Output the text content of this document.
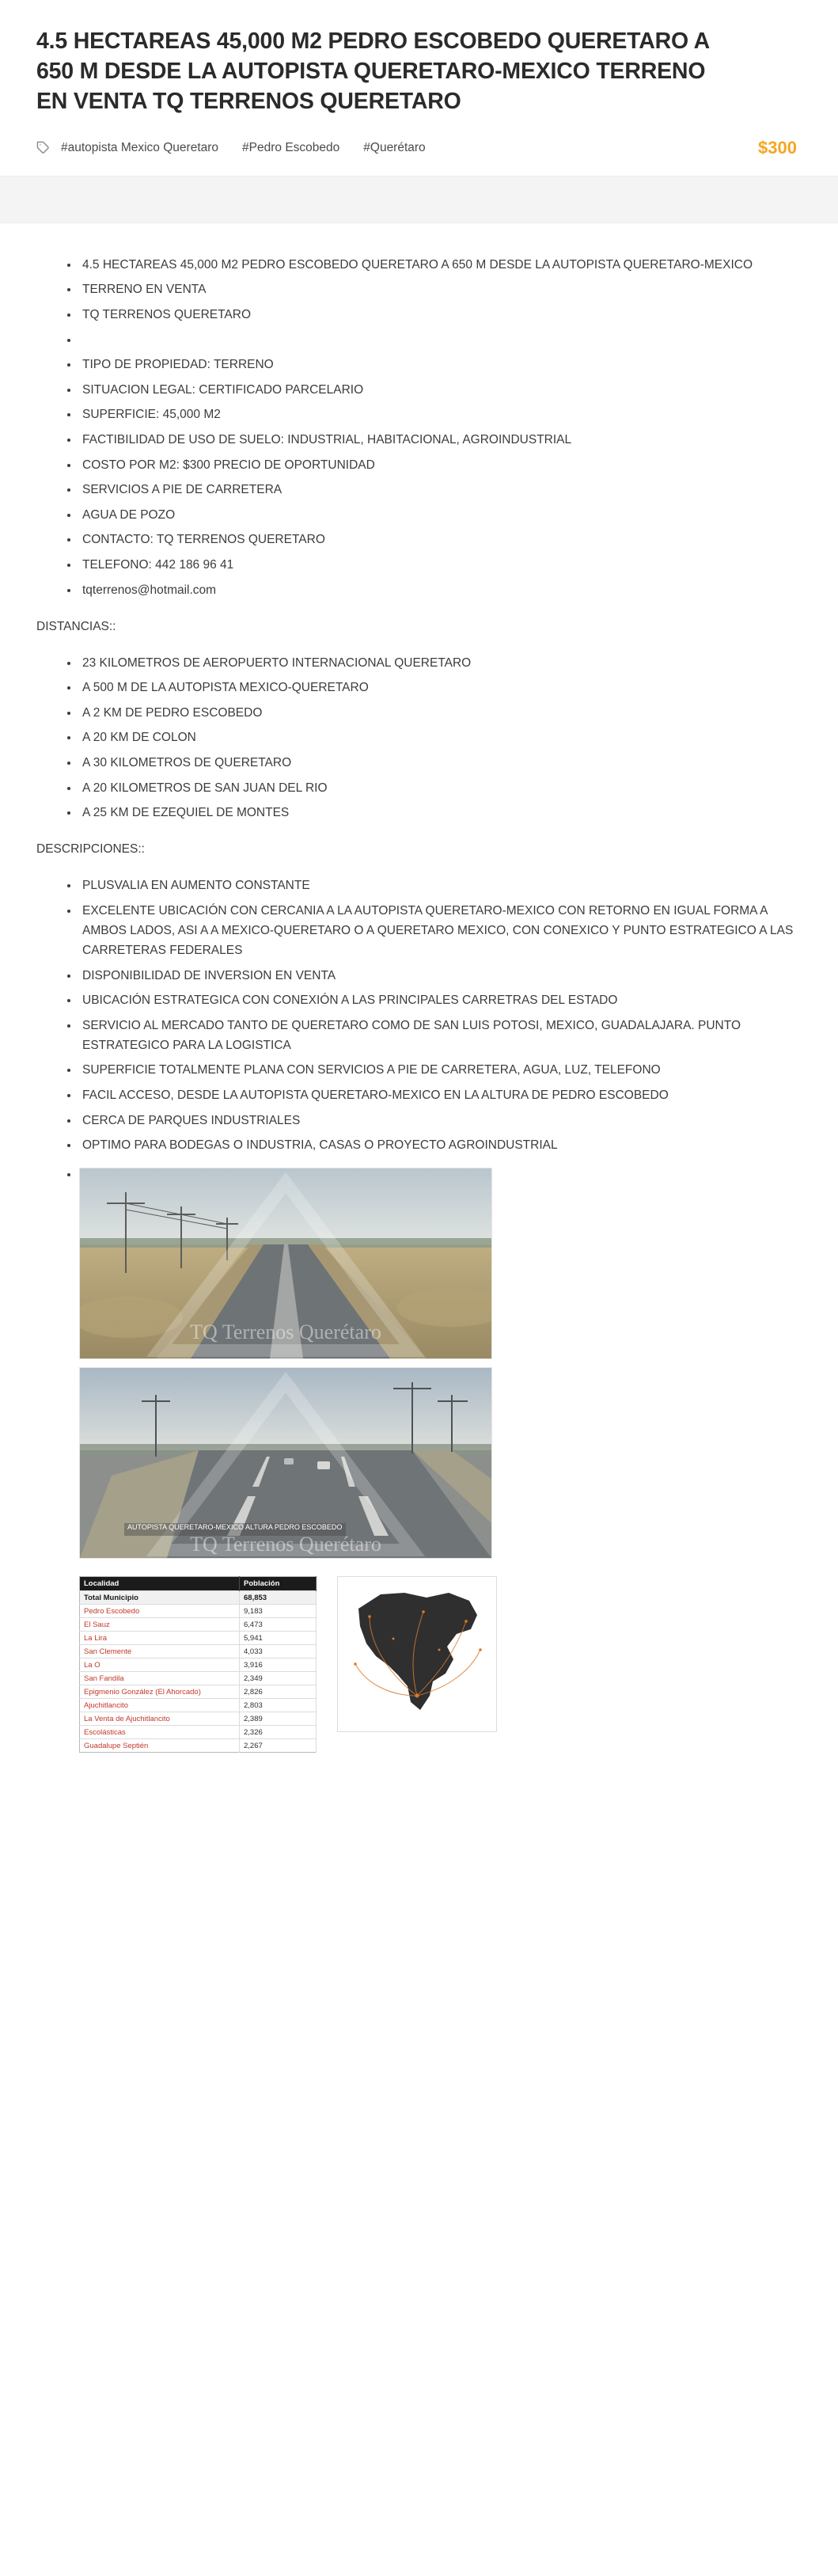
4.5 HECTAREAS 45,000 M2 PEDRO ESCOBEDO QUERETARO A 650 M DESDE LA AUTOPISTA QUERETARO-MEXICO TERRENO EN VENTA TQ TERRENOS QUERETARO
#autopista Mexico Queretaro #Pedro Escobedo #Querétaro	$300
• 4.5 HECTAREAS 45,000 M2 PEDRO ESCOBEDO QUERETARO A 650 M DESDE LA AUTOPISTA QUERETARO-MEXICO
• TERRENO EN VENTA
• TQ TERRENOS QUERETARO
•
• TIPO DE PROPIEDAD: TERRENO
• SITUACION LEGAL: CERTIFICADO PARCELARIO
• SUPERFICIE: 45,000 M2
• FACTIBILIDAD DE USO DE SUELO: INDUSTRIAL, HABITACIONAL, AGROINDUSTRIAL
• COSTO POR M2: $300 PRECIO DE OPORTUNIDAD
• SERVICIOS A PIE DE CARRETERA
• AGUA DE POZO
• CONTACTO: TQ TERRENOS QUERETARO
• TELEFONO: 442 186 96 41
• tqterrenos@hotmail.com

DISTANCIAS::

• 23 KILOMETROS DE AEROPUERTO INTERNACIONAL QUERETARO
• A 500 M DE LA AUTOPISTA MEXICO-QUERETARO
• A 2 KM DE PEDRO ESCOBEDO
• A 20 KM DE COLON
• A 30 KILOMETROS DE QUERETARO
• A 20 KILOMETROS DE SAN JUAN DEL RIO
• A 25 KM DE EZEQUIEL DE MONTES

DESCRIPCIONES::

• PLUSVALIA EN AUMENTO CONSTANTE
• EXCELENTE UBICACIÓN CON CERCANIA A LA AUTOPISTA QUERETARO-MEXICO CON RETORNO EN IGUAL FORMA A AMBOS LADOS, ASI A A MEXICO-QUERETARO O A QUERETARO MEXICO, CON CONEXICO Y PUNTO ESTRATEGICO A LAS CARRETERAS FEDERALES
• DISPONIBILIDAD DE INVERSION EN VENTA
• UBICACIÓN ESTRATEGICA CON CONEXIÓN A LAS PRINCIPALES CARRETRAS DEL ESTADO
• SERVICIO AL MERCADO TANTO DE QUERETARO COMO DE SAN LUIS POTOSI, MEXICO, GUADALAJARA. PUNTO ESTRATEGICO PARA LA LOGISTICA
• SUPERFICIE TOTALMENTE PLANA CON SERVICIOS A PIE DE CARRETERA, AGUA, LUZ, TELEFONO
• FACIL ACCESO, DESDE LA AUTOPISTA QUERETARO-MEXICO EN LA ALTURA DE PEDRO ESCOBEDO
• CERCA DE PARQUES INDUSTRIALES
• OPTIMO PARA BODEGAS O INDUSTRIA, CASAS O PROYECTO AGROINDUSTRIAL
• TQ Terrenos Querétaro
AUTOPISTA QUERETARO-MEXICO ALTURA PEDRO ESCOBEDO
TQ Terrenos Querétaro
Localidad	Población
Total Municipio	68,853
Pedro Escobedo	9,183
El Sauz	6,473
La Lira	5,941
San Clemente	4,033
La O	3,916
San Fandila	2,349
Epigmenio González (El Ahorcado)	2,826
Ajuchitlancito	2,803
La Venta de Ajuchitlancito	2,389
Escolásticas	2,326
Guadalupe Septién	2,267
